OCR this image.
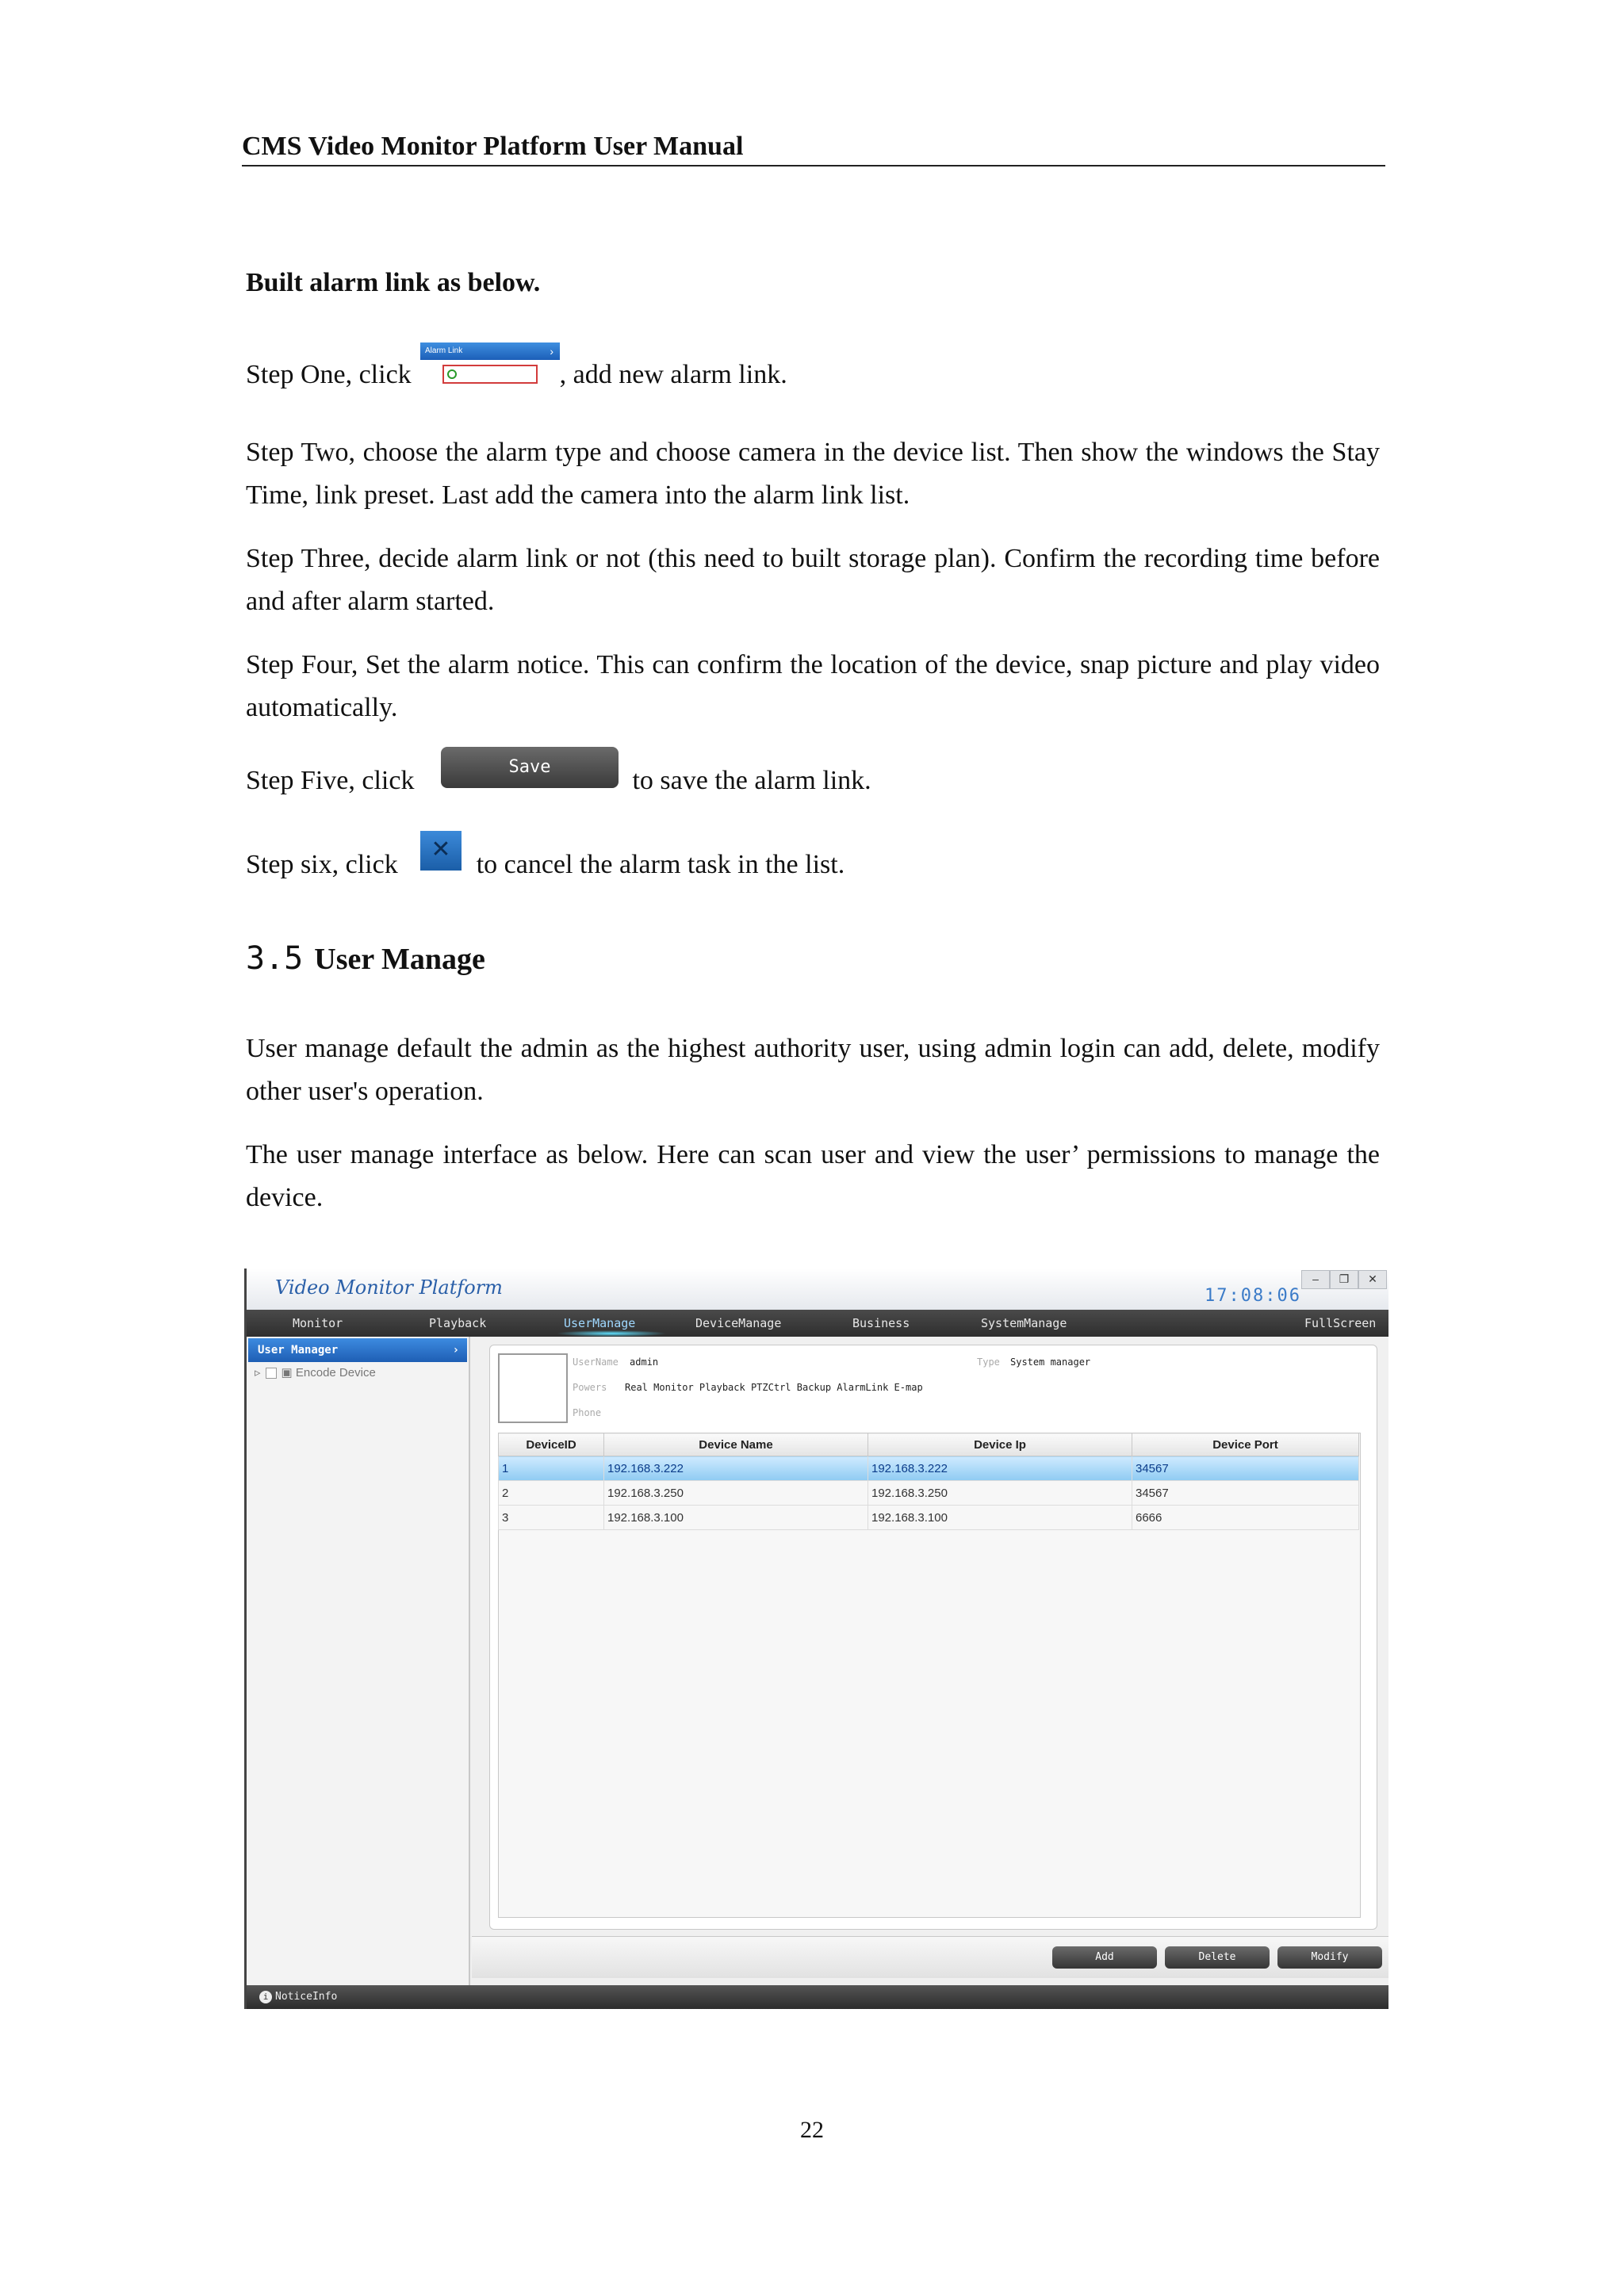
CMS Video Monitor Platform User Manual
Built alarm link as below.
Step One, click	, add new alarm link.
Alarm Link	›
Step Two, choose the alarm type and choose camera in the device list. Then show the windows the Stay Time, link preset. Last add the camera into the alarm link list.
Step Three, decide alarm link or not (this need to built storage plan). Confirm the recording time before and after alarm started.
Step Four, Set the alarm notice. This can confirm the location of the device, snap picture and play video automatically.
Step Five, click	to save the alarm link.
Save
Step six, click	to cancel the alarm task in the list.
✕
3.5 User Manage
User manage default the admin as the highest authority user, using admin login can add, delete, modify other user's operation.
The user manage interface as below. Here can scan user and view the user’ permissions to manage the device.
Video Monitor Platform	17:08:06
–	❐	✕
Monitor	Playback	UserManage	DeviceManage	Business	SystemManage	FullScreen
User Manager	›
▹ ▣ Encode Device
UserName admin	Type System manager
Powers Real Monitor Playback PTZCtrl Backup AlarmLink E-map
Phone
DeviceID	Device Name	Device Ip	Device Port
1	192.168.3.222	192.168.3.222	34567
2	192.168.3.250	192.168.3.250	34567
3	192.168.3.100	192.168.3.100	6666
Add	Delete	Modify
i NoticeInfo
22
